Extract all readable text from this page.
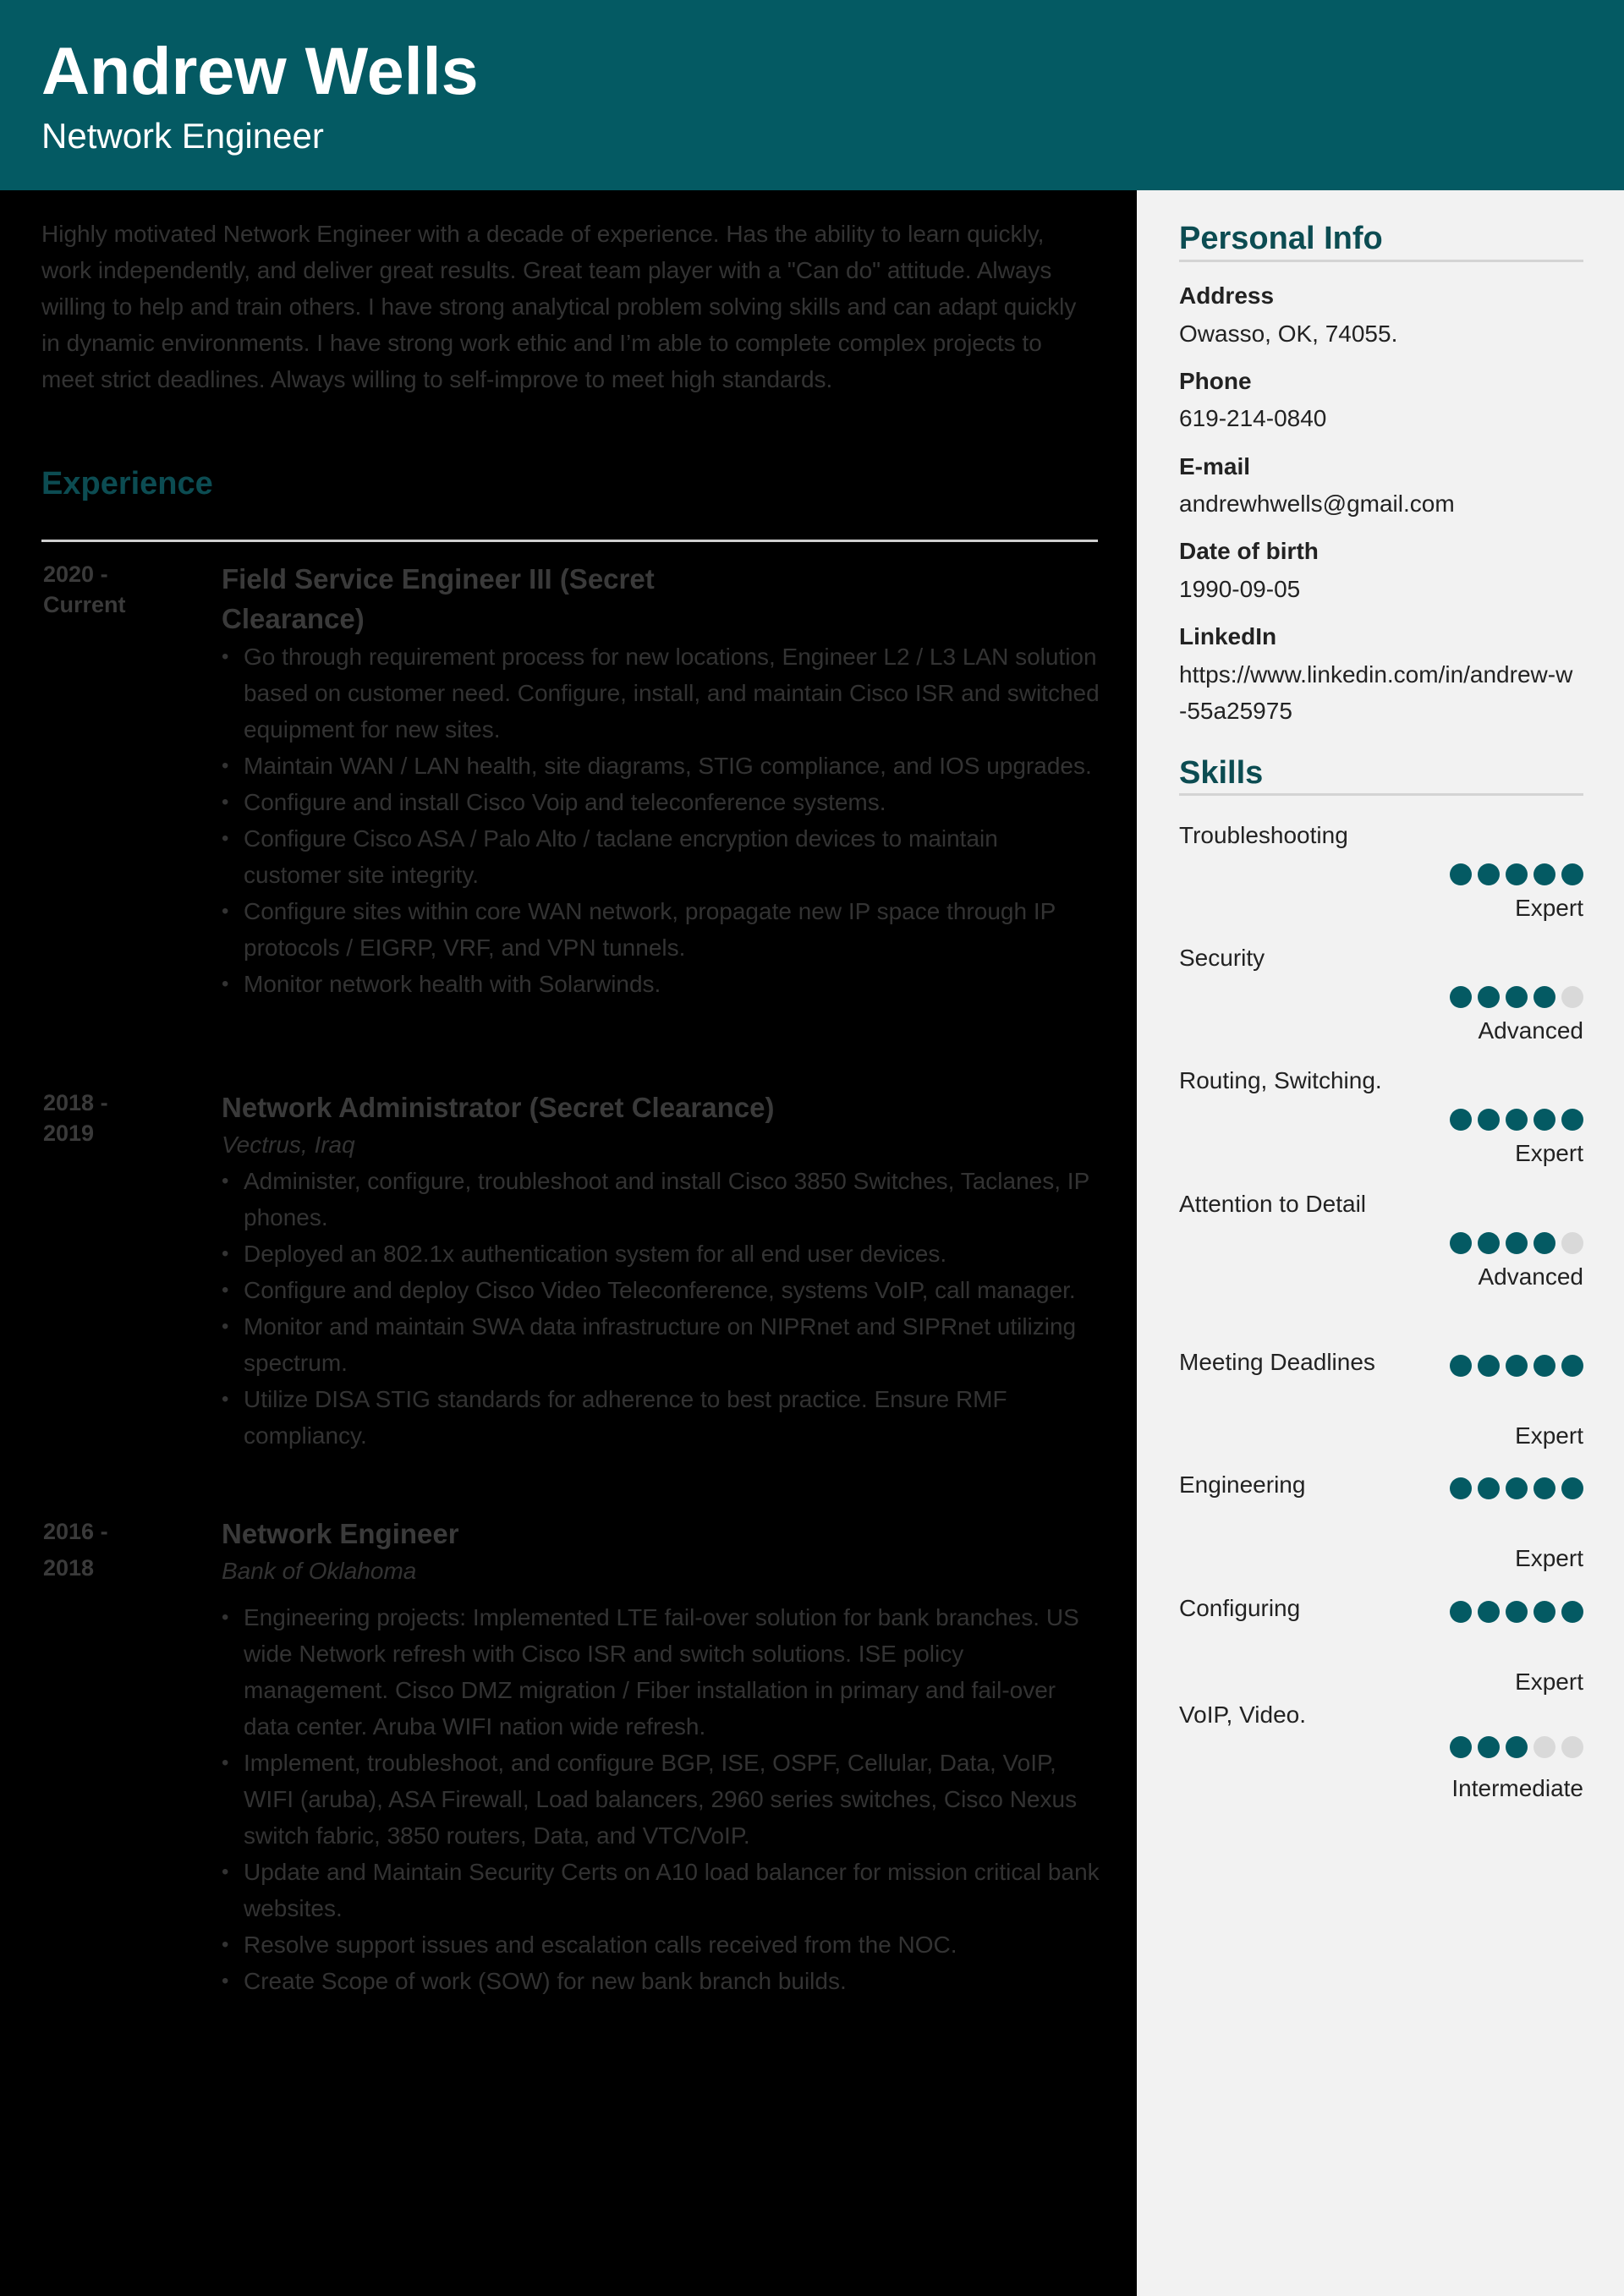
Andrew Wells
Network Engineer

Highly motivated Network Engineer with a decade of experience. Has the ability to learn quickly, work independently, and deliver great results. Great team player with a "Can do" attitude. Always willing to help and train others. I have strong analytical problem solving skills and can adapt quickly in dynamic environments. I have strong work ethic and I’m able to complete complex projects to meet strict deadlines. Always willing to self-improve to meet high standards.

Experience
2020 - Current
Field Service Engineer III (Secret Clearance)
• Go through requirement process for new locations, Engineer L2 / L3 LAN solution based on customer need. Configure, install, and maintain Cisco ISR and switched equipment for new sites.
• Maintain WAN / LAN health, site diagrams, STIG compliance, and IOS upgrades.
• Configure and install Cisco Voip and teleconference systems.
• Configure Cisco ASA / Palo Alto / taclane encryption devices to maintain customer site integrity.
• Configure sites within core WAN network, propagate new IP space through IP protocols / EIGRP, VRF, and VPN tunnels.
• Monitor network health with Solarwinds.
2018 - 2019
Network Administrator (Secret Clearance)
Vectrus, Iraq
• Administer, configure, troubleshoot and install Cisco 3850 Switches, Taclanes, IP phones.
• Deployed an 802.1x authentication system for all end user devices.
• Configure and deploy Cisco Video Teleconference, systems VoIP, call manager.
• Monitor and maintain SWA data infrastructure on NIPRnet and SIPRnet utilizing spectrum.
• Utilize DISA STIG standards for adherence to best practice. Ensure RMF compliancy.
2016 - 2018
Network Engineer
Bank of Oklahoma
• Engineering projects: Implemented LTE fail-over solution for bank branches. US wide Network refresh with Cisco ISR and switch solutions. ISE policy management. Cisco DMZ migration / Fiber installation in primary and fail-over data center. Aruba WIFI nation wide refresh.
• Implement, troubleshoot, and configure BGP, ISE, OSPF, Cellular, Data, VoIP, WIFI (aruba), ASA Firewall, Load balancers, 2960 series switches, Cisco Nexus switch fabric, 3850 routers, Data, and VTC/VoIP.
• Update and Maintain Security Certs on A10 load balancer for mission critical bank websites.
• Resolve support issues and escalation calls received from the NOC.
• Create Scope of work (SOW) for new bank branch builds.
Personal Info
Address
Owasso, OK, 74055.
Phone
619-214-0840
E-mail
andrewhwells@gmail.com
Date of birth
1990-09-05
LinkedIn
https://www.linkedin.com/in/andrew-w-55a25975
Skills
Troubleshooting
Expert
Security
Advanced
Routing, Switching.
Expert
Attention to Detail
Advanced
Meeting Deadlines
Expert
Engineering
Expert
Configuring
Expert
VoIP, Video.
Intermediate
